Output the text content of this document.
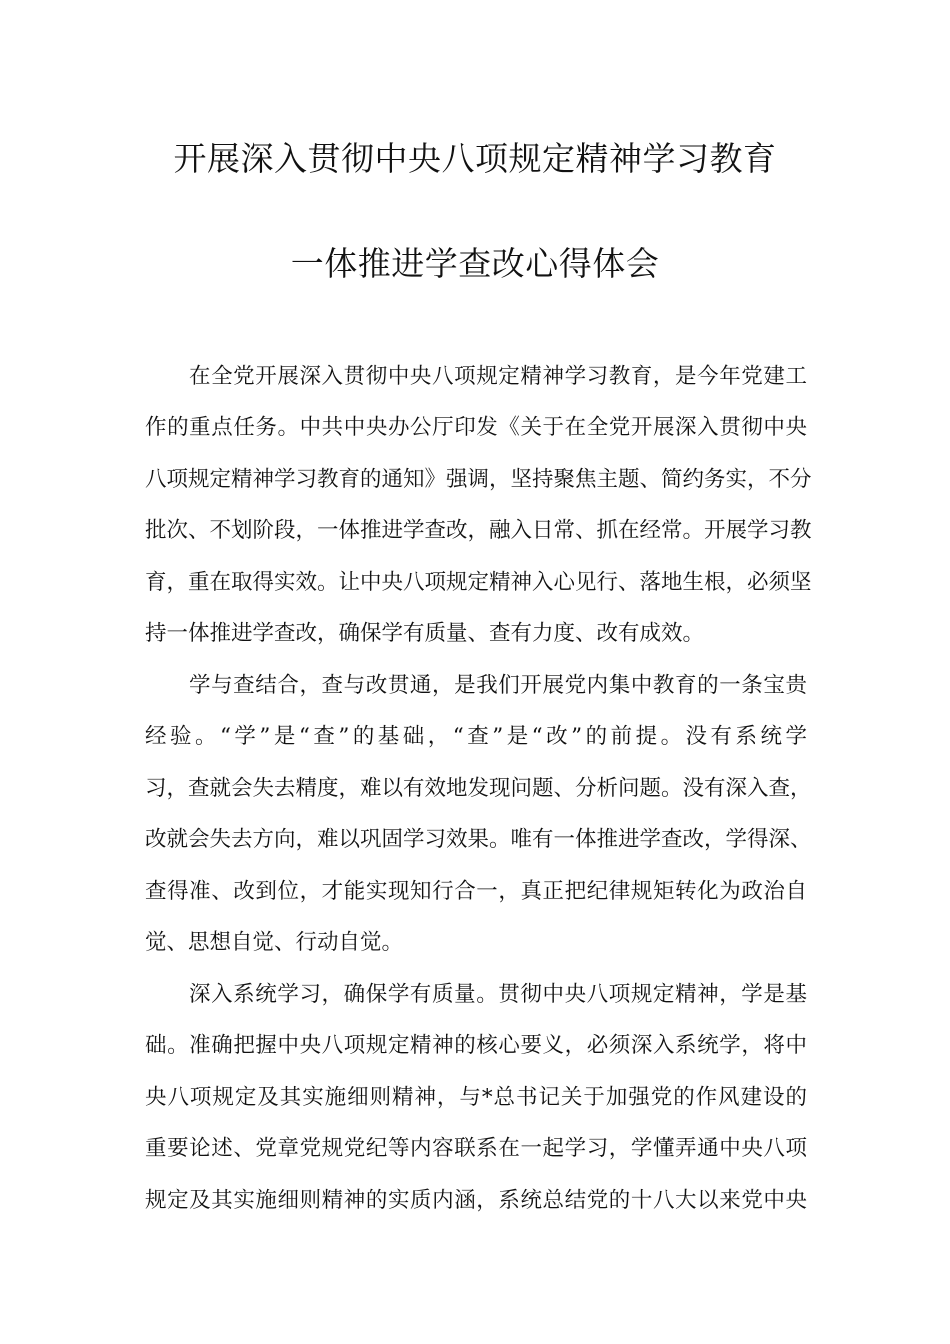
开展深入贯彻中央八项规定精神学习教育
一体推进学查改心得体会
在全党开展深入贯彻中央八项规定精神学习教育，是今年党建工
作的重点任务。中共中央办公厅印发《关于在全党开展深入贯彻中央
八项规定精神学习教育的通知》强调，坚持聚焦主题、简约务实，不分
批次、不划阶段，一体推进学查改，融入日常、抓在经常。开展学习教
育，重在取得实效。让中央八项规定精神入心见行、落地生根，必须坚
持一体推进学查改，确保学有质量、查有力度、改有成效。
学与查结合，查与改贯通，是我们开展党内集中教育的一条宝贵
经验。“学”是“查”的基础，“查”是“改”的前提。没有系统学
习，查就会失去精度，难以有效地发现问题、分析问题。没有深入查，
改就会失去方向，难以巩固学习效果。唯有一体推进学查改，学得深、
查得准、改到位，才能实现知行合一，真正把纪律规矩转化为政治自
觉、思想自觉、行动自觉。
深入系统学习，确保学有质量。贯彻中央八项规定精神，学是基
础。准确把握中央八项规定精神的核心要义，必须深入系统学，将中
央八项规定及其实施细则精神，与*总书记关于加强党的作风建设的
重要论述、党章党规党纪等内容联系在一起学习，学懂弄通中央八项
规定及其实施细则精神的实质内涵，系统总结党的十八大以来党中央
